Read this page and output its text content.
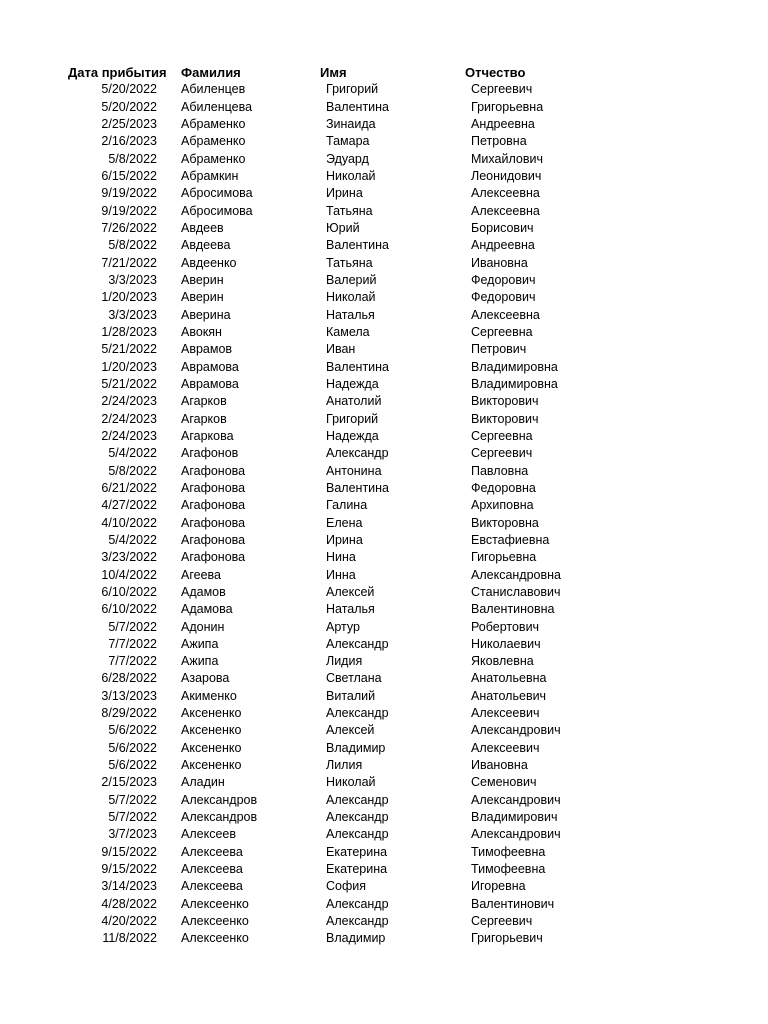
Дата прибытия	Фамилия	Имя	Отчество
5/20/2022	Абиленцев	Григорий	Сергеевич
5/20/2022	Абиленцева	Валентина	Григорьевна
2/25/2023	Абраменко	Зинаида	Андреевна
2/16/2023	Абраменко	Тамара	Петровна
5/8/2022	Абраменко	Эдуард	Михайлович
6/15/2022	Абрамкин	Николай	Леонидович
9/19/2022	Абросимова	Ирина	Алексеевна
9/19/2022	Абросимова	Татьяна	Алексеевна
7/26/2022	Авдеев	Юрий	Борисович
5/8/2022	Авдеева	Валентина	Андреевна
7/21/2022	Авдеенко	Татьяна	Ивановна
3/3/2023	Аверин	Валерий	Федорович
1/20/2023	Аверин	Николай	Федорович
3/3/2023	Аверина	Наталья	Алексеевна
1/28/2023	Авокян	Камела	Сергеевна
5/21/2022	Аврамов	Иван	Петрович
1/20/2023	Аврамова	Валентина	Владимировна
5/21/2022	Аврамова	Надежда	Владимировна
2/24/2023	Агарков	Анатолий	Викторович
2/24/2023	Агарков	Григорий	Викторович
2/24/2023	Агаркова	Надежда	Сергеевна
5/4/2022	Агафонов	Александр	Сергеевич
5/8/2022	Агафонова	Антонина	Павловна
6/21/2022	Агафонова	Валентина	Федоровна
4/27/2022	Агафонова	Галина	Архиповна
4/10/2022	Агафонова	Елена	Викторовна
5/4/2022	Агафонова	Ирина	Евстафиевна
3/23/2022	Агафонова	Нина	Гигорьевна
10/4/2022	Агеева	Инна	Александровна
6/10/2022	Адамов	Алексей	Станиславович
6/10/2022	Адамова	Наталья	Валентиновна
5/7/2022	Адонин	Артур	Робертович
7/7/2022	Ажипа	Александр	Николаевич
7/7/2022	Ажипа	Лидия	Яковлевна
6/28/2022	Азарова	Светлана	Анатольевна
3/13/2023	Акименко	Виталий	Анатольевич
8/29/2022	Аксененко	Александр	Алексеевич
5/6/2022	Аксененко	Алексей	Александрович
5/6/2022	Аксененко	Владимир	Алексеевич
5/6/2022	Аксененко	Лилия	Ивановна
2/15/2023	Аладин	Николай	Семенович
5/7/2022	Александров	Александр	Александрович
5/7/2022	Александров	Александр	Владимирович
3/7/2023	Алексеев	Александр	Александрович
9/15/2022	Алексеева	Екатерина	Тимофеевна
9/15/2022	Алексеева	Екатерина	Тимофеевна
3/14/2023	Алексеева	София	Игоревна
4/28/2022	Алексеенко	Александр	Валентинович
4/20/2022	Алексеенко	Александр	Сергеевич
11/8/2022	Алексеенко	Владимир	Григорьевич
